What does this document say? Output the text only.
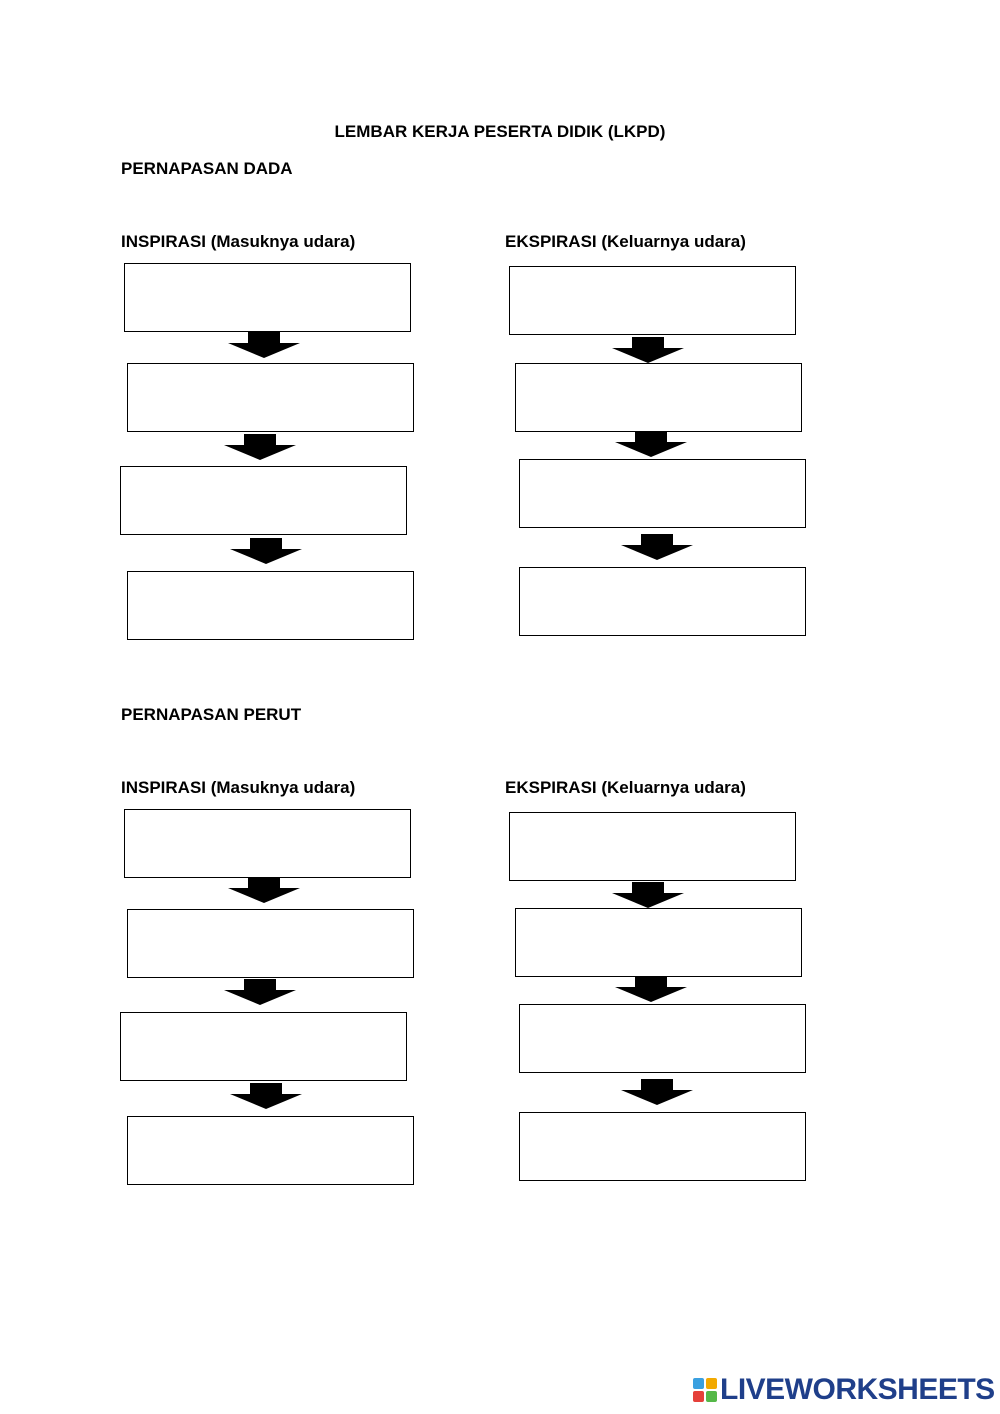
LEMBAR KERJA PESERTA DIDIK (LKPD)
PERNAPASAN DADA
INSPIRASI (Masuknya udara)	EKSPIRASI (Keluarnya udara)
PERNAPASAN PERUT
INSPIRASI (Masuknya udara)	EKSPIRASI (Keluarnya udara)
LIVEWORKSHEETS
